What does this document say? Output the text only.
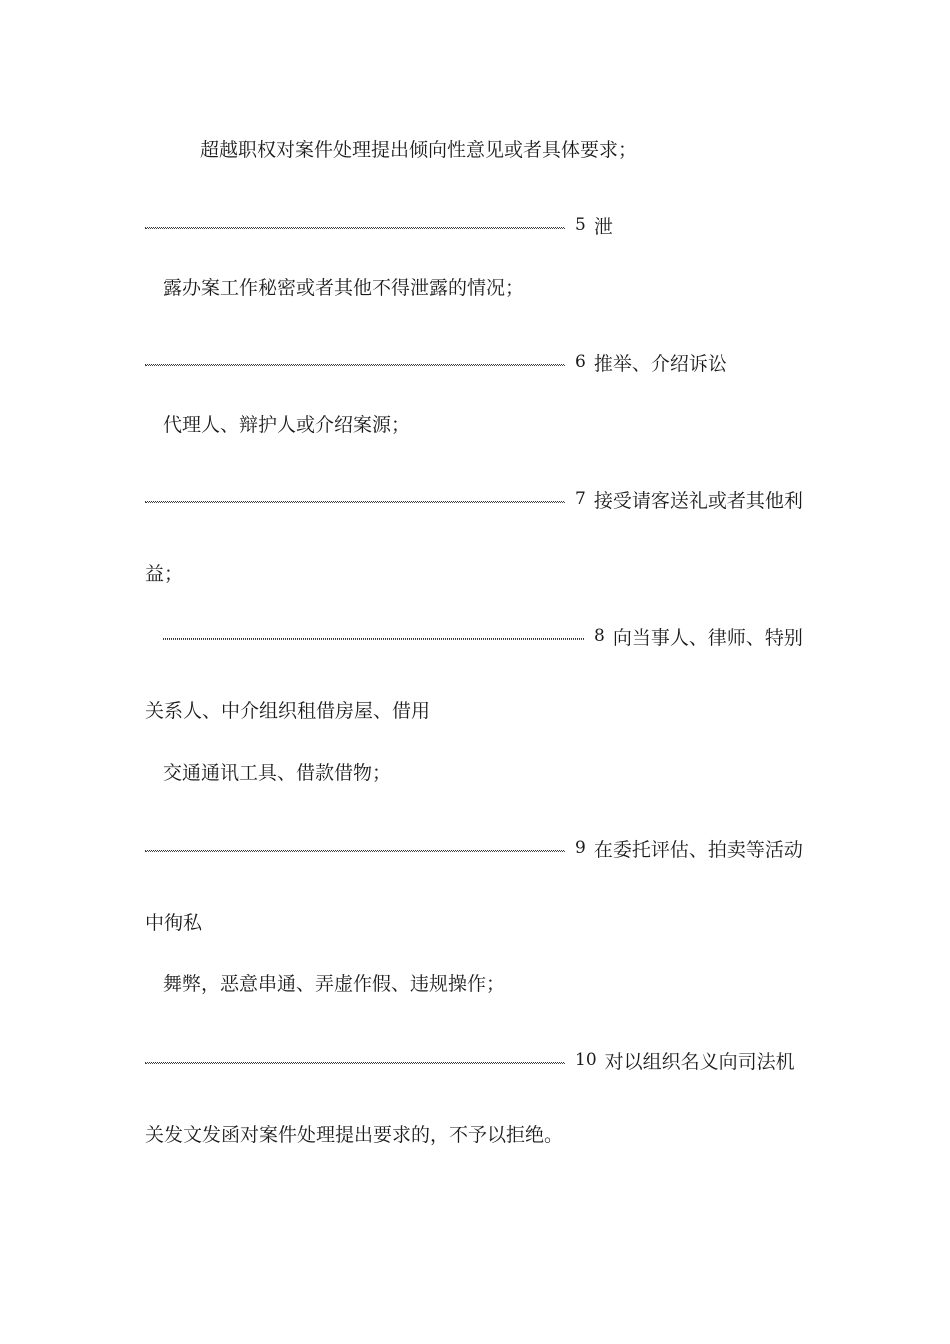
超越职权对案件处理提出倾向性意见或者具体要求；
5 泄
露办案工作秘密或者其他不得泄露的情况；
6 推举、介绍诉讼
代理人、辩护人或介绍案源；
7 接受请客送礼或者其他利
益；
8 向当事人、律师、特别
关系人、中介组织租借房屋、借用
交通通讯工具、借款借物；
9 在委托评估、拍卖等活动
中徇私
舞弊，恶意串通、弄虚作假、违规操作；
10 对以组织名义向司法机
关发文发函对案件处理提出要求的，不予以拒绝。
